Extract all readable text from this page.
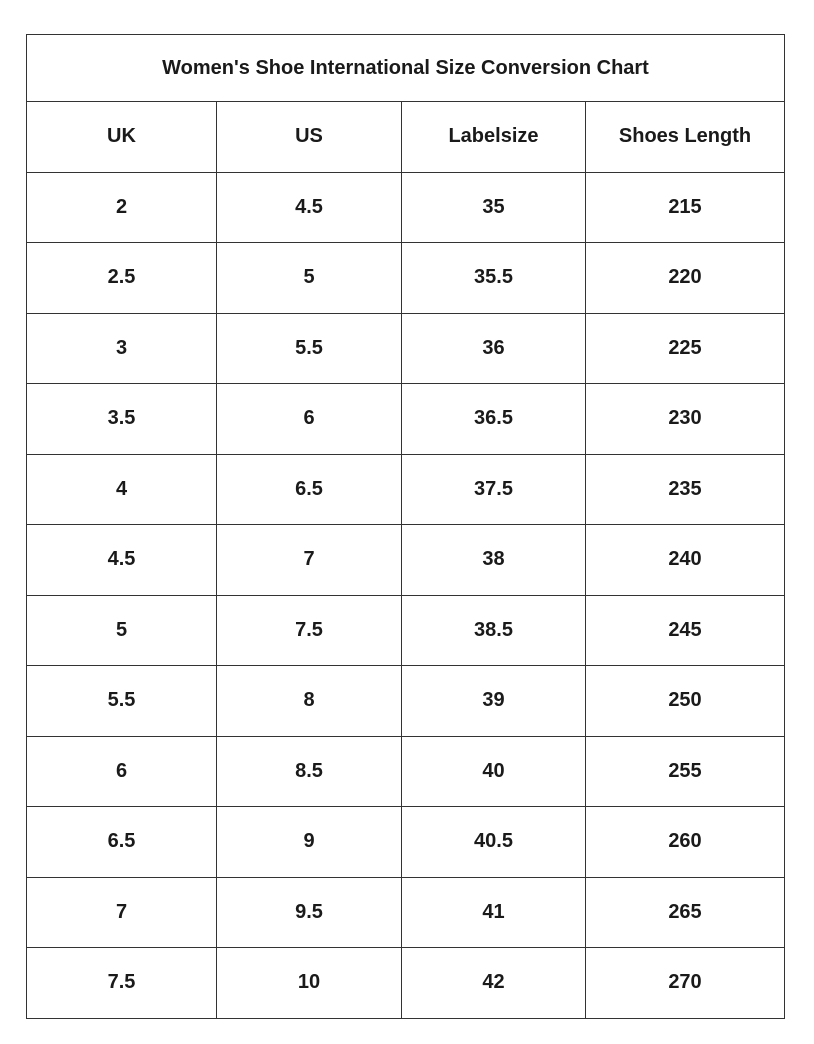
Women's Shoe International Size Conversion Chart			
UK	US	Labelsize	Shoes Length
2	4.5	35	215
2.5	5	35.5	220
3	5.5	36	225
3.5	6	36.5	230
4	6.5	37.5	235
4.5	7	38	240
5	7.5	38.5	245
5.5	8	39	250
6	8.5	40	255
6.5	9	40.5	260
7	9.5	41	265
7.5	10	42	270
